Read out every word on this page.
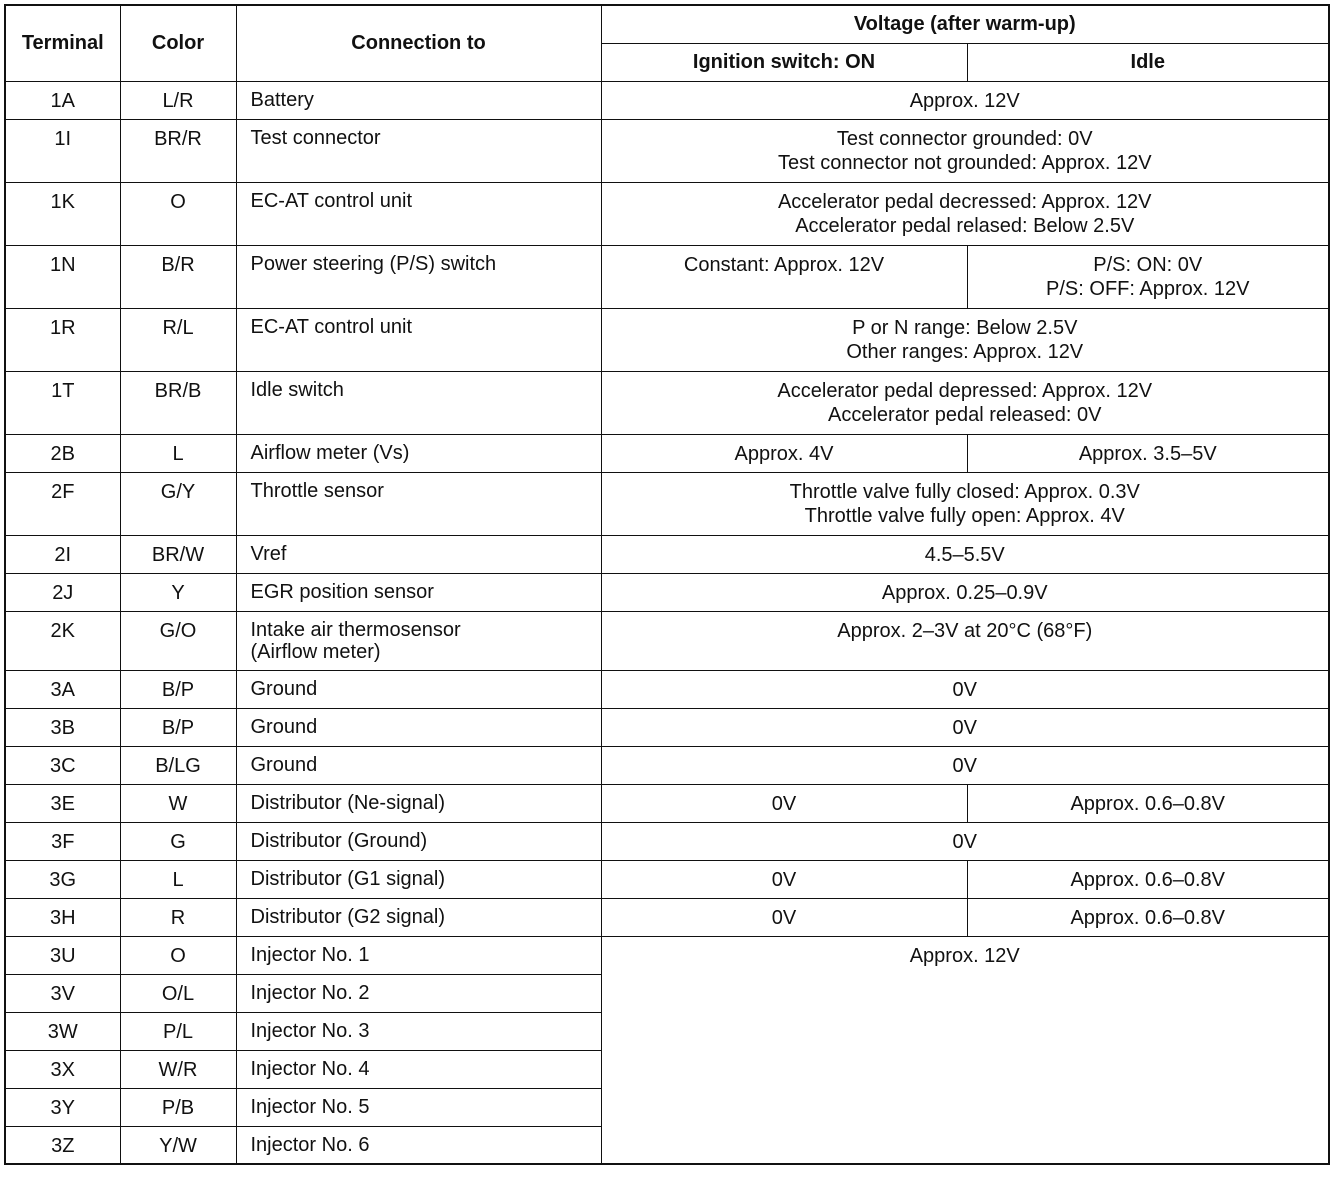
Terminal	Color	Connection to	Voltage (after warm-up)	
			Ignition switch: ON	Idle
1A	L/R	Battery	Approx. 12V	

1I	BR/R	Test connector	Test connector grounded: 0V
Test connector not grounded: Approx. 12V	

1K	O	EC-AT control unit	Accelerator pedal decressed: Approx. 12V
Accelerator pedal relased: Below 2.5V	

1N	B/R	Power steering (P/S) switch	Constant: Approx. 12V	P/S: ON: 0V
P/S: OFF: Approx. 12V

1R	R/L	EC-AT control unit	P or N range: Below 2.5V
Other ranges: Approx. 12V	

1T	BR/B	Idle switch	Accelerator pedal depressed: Approx. 12V
Accelerator pedal released: 0V	

2B	L	Airflow meter (Vs)	Approx. 4V	Approx. 3.5–5V

2F	G/Y	Throttle sensor	Throttle valve fully closed: Approx. 0.3V
Throttle valve fully open: Approx. 4V	

2I	BR/W	Vref	4.5–5.5V	

2J	Y	EGR position sensor	Approx. 0.25–0.9V	

2K	G/O	Intake air thermosensor
(Airflow meter)	Approx. 2–3V at 20°C (68°F)	

3A	B/P	Ground	0V	

3B	B/P	Ground	0V	

3C	B/LG	Ground	0V	

3E	W	Distributor (Ne-signal)	0V	Approx. 0.6–0.8V

3F	G	Distributor (Ground)	0V	

3G	L	Distributor (G1 signal)	0V	Approx. 0.6–0.8V

3H	R	Distributor (G2 signal)	0V	Approx. 0.6–0.8V

3U	O	Injector No. 1	Approx. 12V	

3V	O/L	Injector No. 2		

3W	P/L	Injector No. 3		

3X	W/R	Injector No. 4		

3Y	P/B	Injector No. 5		

3Z	Y/W	Injector No. 6		
